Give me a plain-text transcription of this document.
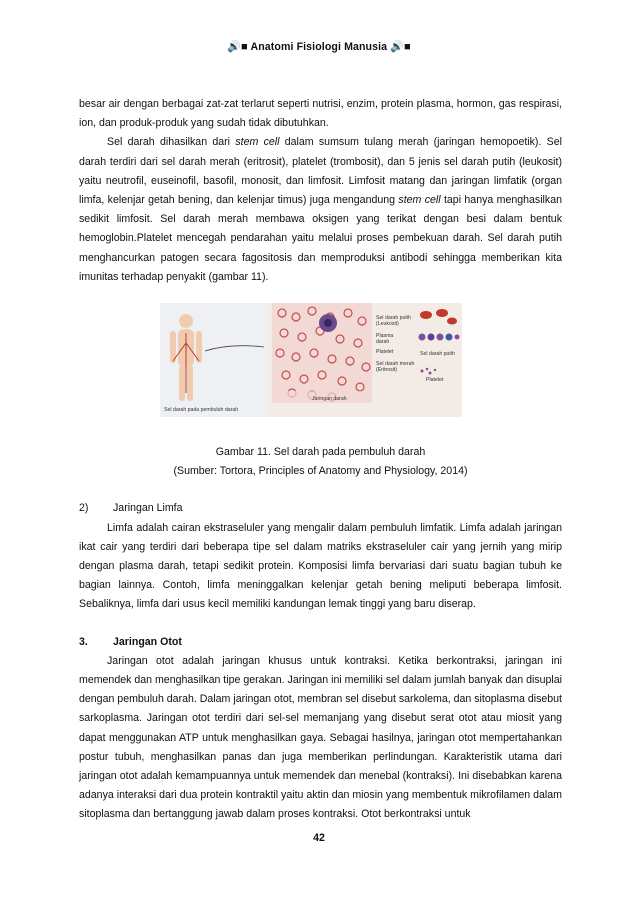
🔊■ Anatomi Fisiologi Manusia 🔊■

besar air dengan berbagai zat-zat terlarut seperti nutrisi, enzim, protein plasma, hormon, gas respirasi, ion, dan produk-produk yang sudah tidak dibutuhkan.

Sel darah dihasilkan dari stem cell dalam sumsum tulang merah (jaringan hemopoetik). Sel darah terdiri dari sel darah merah (eritrosit), platelet (trombosit), dan 5 jenis sel darah putih (leukosit) yaitu neutrofil, euseinofil, basofil, monosit, dan limfosit. Limfosit matang dan jaringan limfatik (organ limfa, kelenjar getah bening, dan kelenjar timus) juga mengandung stem cell tapi hanya menghasilkan sedikit limfosit. Sel darah merah membawa oksigen yang terikat dengan besi dalam bentuk hemoglobin.Platelet mencegah pendarahan yaitu melalui proses pembekuan darah. Sel darah putih menghancurkan patogen secara fagositosis dan memproduksi antibodi sehingga memberikan kita imunitas terhadap penyakit (gambar 11).

Sel darah pada pembuluh darah
Jaringan darah
Sel darah putih (Leukosit)
Plasma darah
Platelet
Sel darah merah (Eritrosit)
Sel darah putih
Platelet
Gambar 11. Sel darah pada pembuluh darah
(Sumber: Tortora, Principles of Anatomy and Physiology, 2014)

2) Jaringan Limfa

Limfa adalah cairan ekstraseluler yang mengalir dalam pembuluh limfatik. Limfa adalah jaringan ikat cair yang terdiri dari beberapa tipe sel dalam matriks ekstraseluler cair yang jernih yang mirip dengan plasma darah, tetapi sedikit protein. Komposisi limfa bervariasi dari suatu bagian tubuh ke bagian lainnya. Contoh, limfa meninggalkan kelenjar getah bening meliputi beberapa limfosit. Sebaliknya, limfa dari usus kecil memiliki kandungan lemak tinggi yang baru diserap.

3. Jaringan Otot

Jaringan otot adalah jaringan khusus untuk kontraksi. Ketika berkontraksi, jaringan ini memendek dan menghasilkan tipe gerakan. Jaringan ini memiliki sel dalam jumlah banyak dan disuplai dengan pembuluh darah. Dalam jaringan otot, membran sel disebut sarkolema, dan sitoplasma disebut sarkoplasma. Jaringan otot terdiri dari sel-sel memanjang yang disebut serat otot atau miosit yang dapat menggunakan ATP untuk menghasilkan gaya. Sebagai hasilnya, jaringan otot mempertahankan postur tubuh, menghasilkan panas dan juga memberikan perlindungan. Karakteristik utama dari jaringan otot adalah kemampuannya untuk memendek dan menebal (kontraksi). Ini disebabkan karena adanya interaksi dari dua protein kontraktil yaitu aktin dan miosin yang membentuk mikrofilamen dalam sitoplasma dan bertanggung jawab dalam proses kontraksi. Otot berkontraksi untuk

42
